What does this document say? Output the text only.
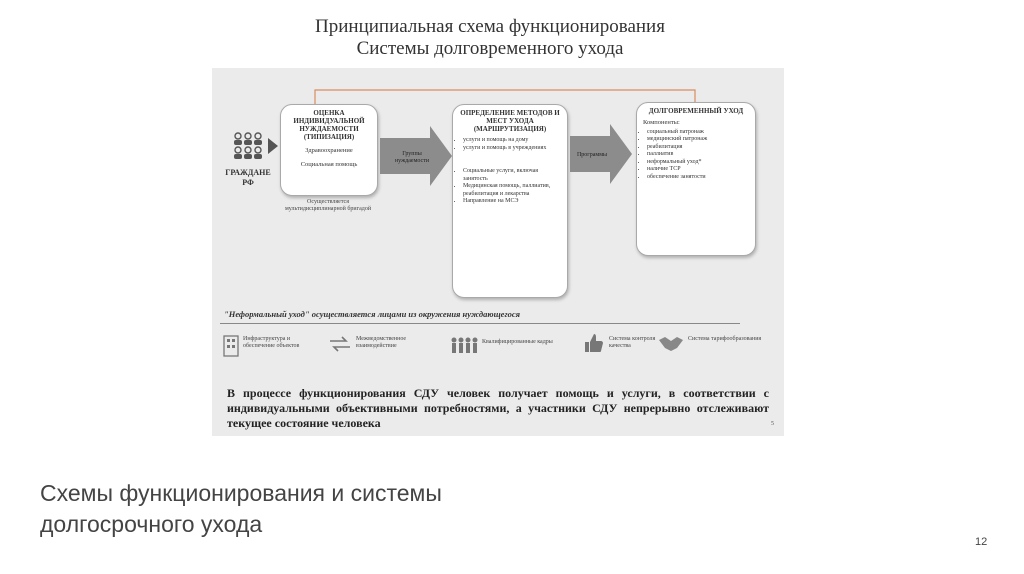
Принципиальная схема функционирования
Системы долговременного ухода
ГРАЖДАНЕ РФ
ОЦЕНКА ИНДИВИДУАЛЬНОЙ НУЖДАЕМОСТИ (ТИПИЗАЦИЯ)
Здравоохранение
Социальная помощь
Осуществляется мультидисциплинарной бригадой
Группы нуждаемости
ОПРЕДЕЛЕНИЕ МЕТОДОВ И МЕСТ УХОДА (МАРШРУТИЗАЦИЯ)
• услуги и помощь на дому
• услуги и помощь в учреждениях
• Социальные услуги, включая занятость
• Медицинская помощь, паллиатив, реабилитация и лекарства
• Направление на МСЭ
Программы
ДОЛГОВРЕМЕННЫЙ УХОД
Компоненты:
• социальный патронаж
• медицинский патронаж
• реабилитация
• паллиатив
• неформальный уход*
• наличие ТСР
• обеспечение занятости
"Неформальный уход" осуществляется лицами из окружения нуждающегося
Инфраструктура и обеспечение объектов
Межведомственное взаимодействие
Квалифицированные кадры	Система контроля качества
Система тарифообразования
В процессе функционирования СДУ человек получает помощь и услуги, в соответствии с индивидуальными объективными потребностями, а участники СДУ непрерывно отслеживают текущее состояние человека	5
Схемы функционирования и системы
долгосрочного ухода
12
